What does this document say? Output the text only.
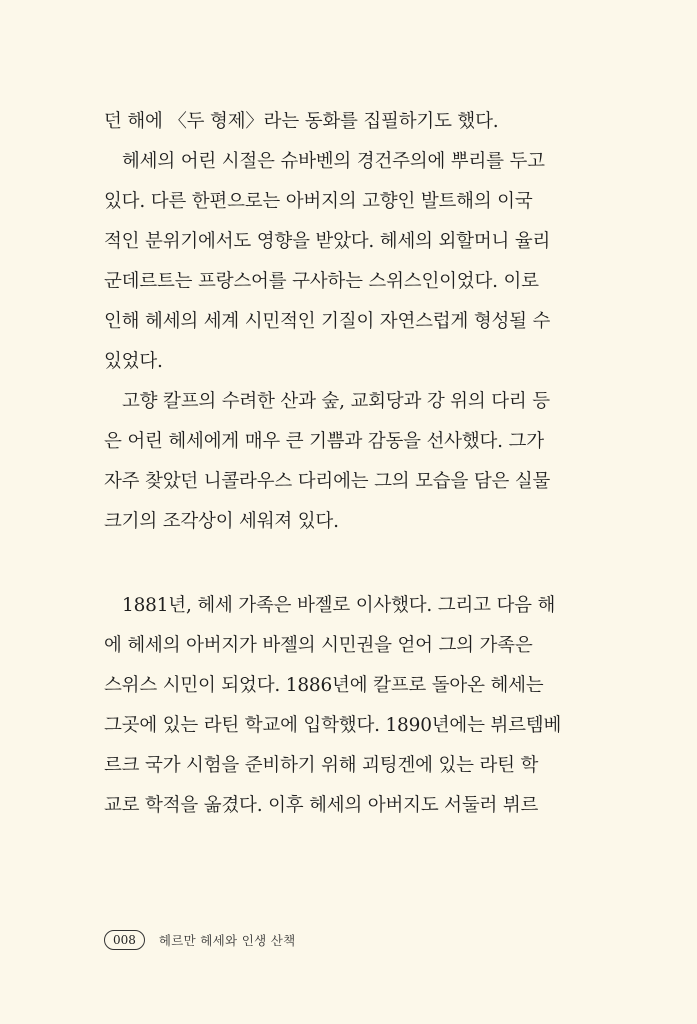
던 해에 〈두 형제〉라는 동화를 집필하기도 했다.
헤세의 어린 시절은 슈바벤의 경건주의에 뿌리를 두고
있다. 다른 한편으로는 아버지의 고향인 발트해의 이국
적인 분위기에서도 영향을 받았다. 헤세의 외할머니 율리
군데르트는 프랑스어를 구사하는 스위스인이었다. 이로
인해 헤세의 세계 시민적인 기질이 자연스럽게 형성될 수
있었다.
고향 칼프의 수려한 산과 숲, 교회당과 강 위의 다리 등
은 어린 헤세에게 매우 큰 기쁨과 감동을 선사했다. 그가
자주 찾았던 니콜라우스 다리에는 그의 모습을 담은 실물
크기의 조각상이 세워져 있다.
1881년, 헤세 가족은 바젤로 이사했다. 그리고 다음 해
에 헤세의 아버지가 바젤의 시민권을 얻어 그의 가족은
스위스 시민이 되었다. 1886년에 칼프로 돌아온 헤세는
그곳에 있는 라틴 학교에 입학했다. 1890년에는 뷔르템베
르크 국가 시험을 준비하기 위해 괴팅겐에 있는 라틴 학
교로 학적을 옮겼다. 이후 헤세의 아버지도 서둘러 뷔르
008	헤르만 헤세와 인생 산책
